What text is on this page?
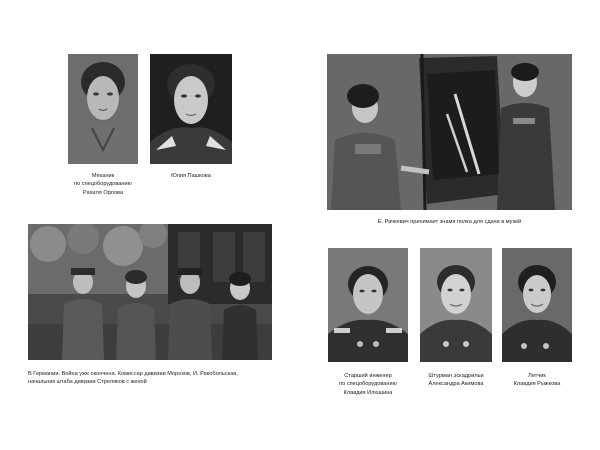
Механик
по спецоборудованию
Рахиля Орлова
Юлия Пашкова
В Германии. Война уже окончена. Комиссар дивизии Морозов, И. Ракобольская,
начальник штаба дивизии Стреляков с женой
Е. Рачкевич принимает знамя полка для сдачи в музей
Старший инженер
по спецоборудованию
Клавдия Илюшина
Штурман эскадрильи
Александра Акимова
Летчик
Клавдия Рыжкова
